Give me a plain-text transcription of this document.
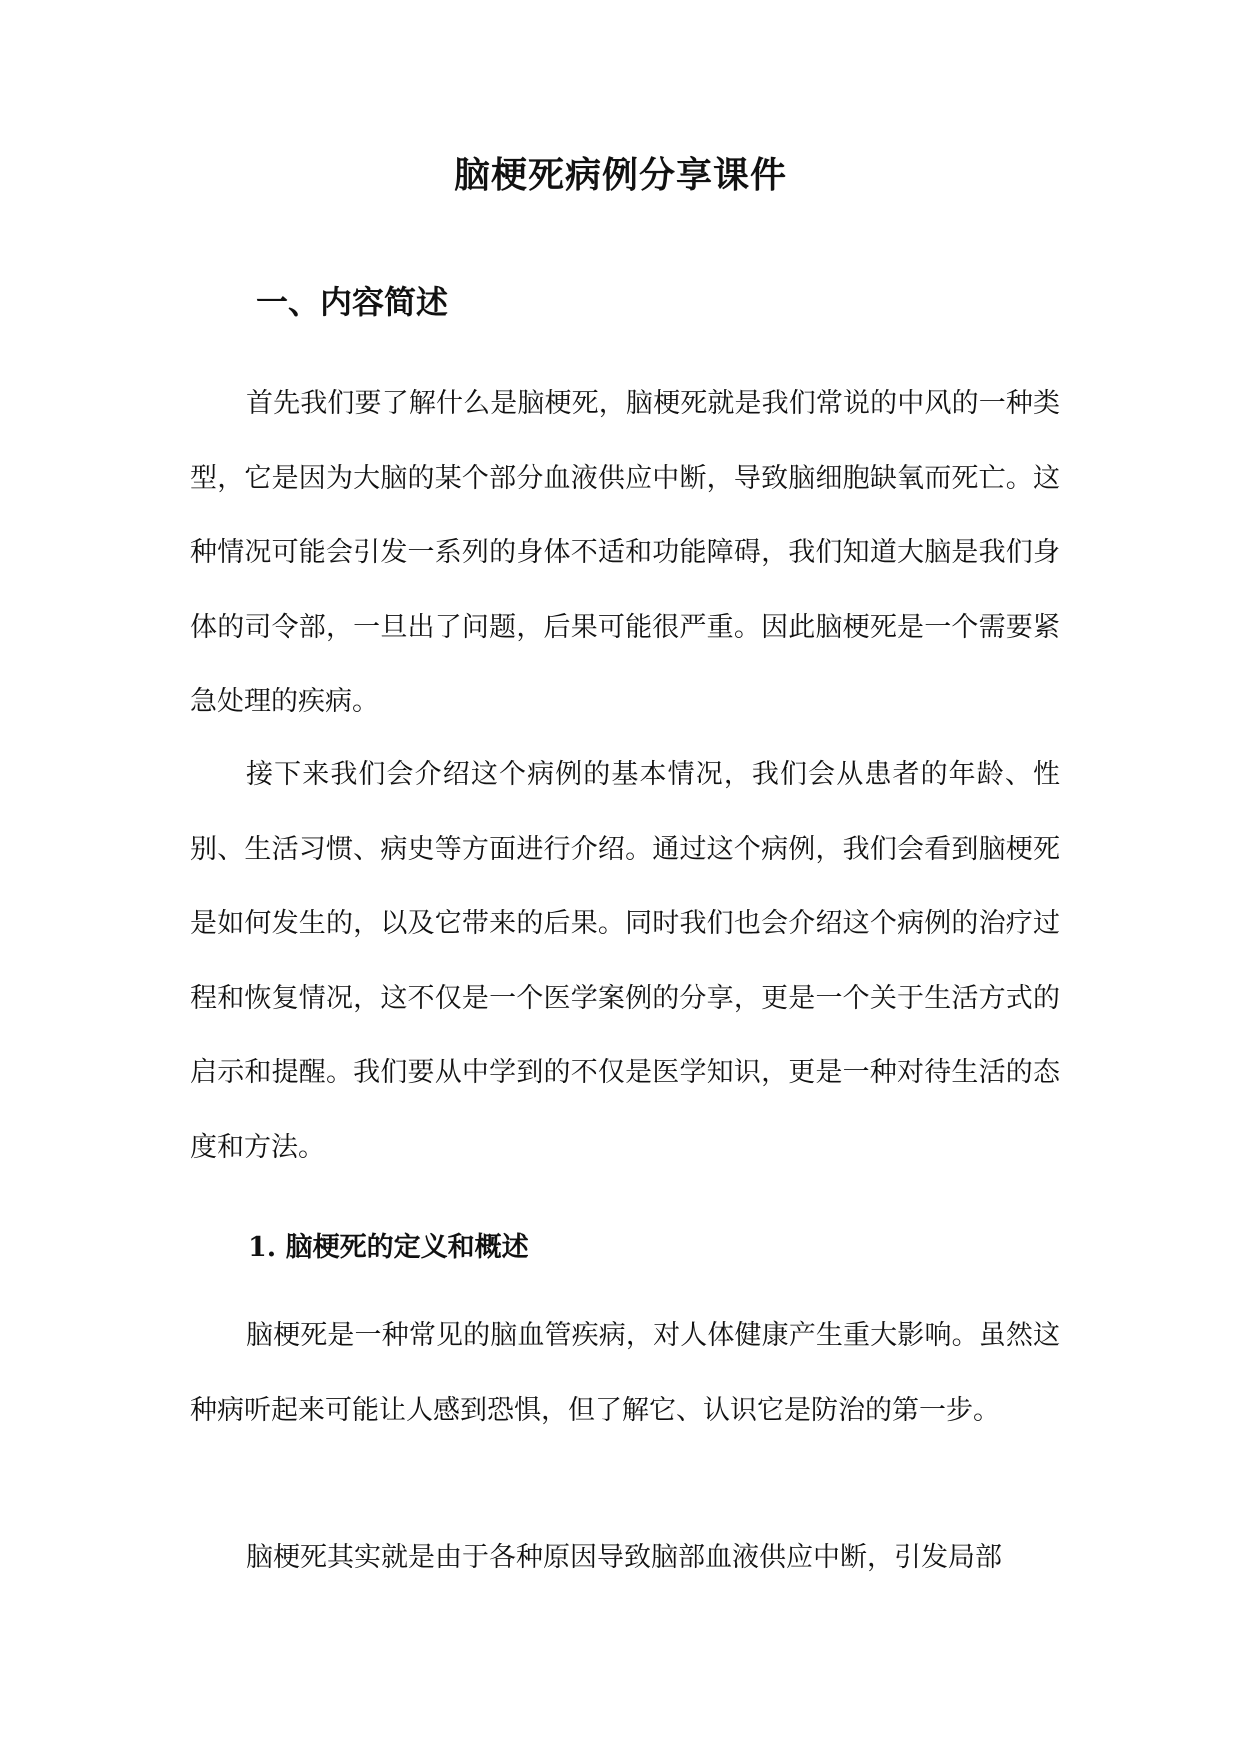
脑梗死病例分享课件
一、内容简述

首先我们要了解什么是脑梗死，脑梗死就是我们常说的中风的一种类型，它是因为大脑的某个部分血液供应中断，导致脑细胞缺氧而死亡。这种情况可能会引发一系列的身体不适和功能障碍，我们知道大脑是我们身体的司令部，一旦出了问题，后果可能很严重。因此脑梗死是一个需要紧急处理的疾病。

接下来我们会介绍这个病例的基本情况，我们会从患者的年龄、性别、生活习惯、病史等方面进行介绍。通过这个病例，我们会看到脑梗死是如何发生的，以及它带来的后果。同时我们也会介绍这个病例的治疗过程和恢复情况，这不仅是一个医学案例的分享，更是一个关于生活方式的启示和提醒。我们要从中学到的不仅是医学知识，更是一种对待生活的态度和方法。

1. 脑梗死的定义和概述

脑梗死是一种常见的脑血管疾病，对人体健康产生重大影响。虽然这种病听起来可能让人感到恐惧，但了解它、认识它是防治的第一步。

脑梗死其实就是由于各种原因导致脑部血液供应中断，引发局部
